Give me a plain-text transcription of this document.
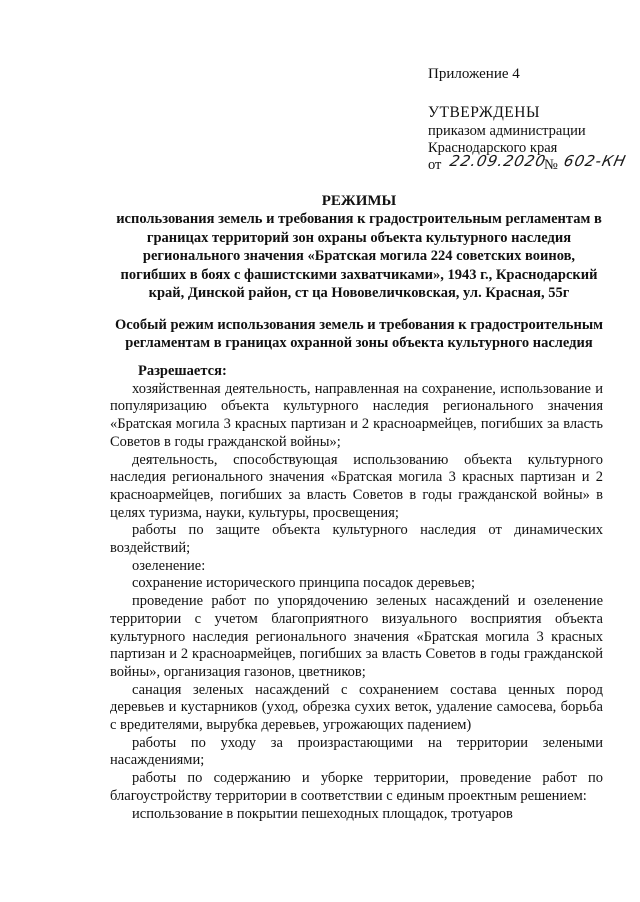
Приложение 4
УТВЕРЖДЕНЫ
приказом администрации
Краснодарского края
от 22.09.2020
№ 602-КН
РЕЖИМЫ
использования земель и требования к градостроительным регламентам в
границах территорий зон охраны объекта культурного наследия
регионального значения «Братская могила 224 советских воинов,
погибших в боях с фашистскими захватчиками», 1943 г., Краснодарский
край, Динской район, ст ца Нововеличковская, ул. Красная, 55г
Особый режим использования земель и требования к градостроительным
регламентам в границах охранной зоны объекта культурного наследия
Разрешается:

хозяйственная деятельность, направленная на сохранение, использование и популяризацию объекта культурного наследия регионального значения «Братская могила 3 красных партизан и 2 красноармейцев, погибших за власть Советов в годы гражданской войны»;

деятельность, способствующая использованию объекта культурного наследия регионального значения «Братская могила 3 красных партизан и 2 красноармейцев, погибших за власть Советов в годы гражданской войны» в целях туризма, науки, культуры, просвещения;

работы по защите объекта культурного наследия от динамических воздействий;

озеленение:

сохранение исторического принципа посадок деревьев;

проведение работ по упорядочению зеленых насаждений и озеленение территории с учетом благоприятного визуального восприятия объекта культурного наследия регионального значения «Братская могила 3 красных партизан и 2 красноармейцев, погибших за власть Советов в годы гражданской войны», организация газонов, цветников;

санация зеленых насаждений с сохранением состава ценных пород деревьев и кустарников (уход, обрезка сухих веток, удаление самосева, борьба с вредителями, вырубка деревьев, угрожающих падением)

работы по уходу за произрастающими на территории зелеными насаждениями;

работы по содержанию и уборке территории, проведение работ по благоустройству территории в соответствии с единым проектным решением:

использование в покрытии пешеходных площадок, тротуаров
